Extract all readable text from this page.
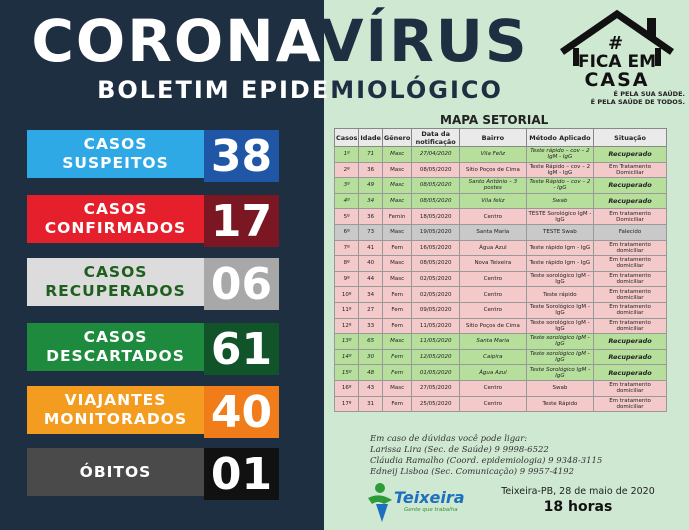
CORONAVÍRUS
BOLETIM EPIDEMIOLÓGICO
#
FICA EM
CASA
É PELA SUA SAÚDE.
É PELA SAÚDE DE TODOS.
CASOS
SUSPEITOS 38
CASOS
CONFIRMADOS 17
CASOS
RECUPERADOS 06
CASOS
DESCARTADOS 61
VIAJANTES
MONITORADOS 40
ÓBITOS 01
MAPA SETORIAL
Casos	Idade	Gênero	Data da notificação	Bairro	Método Aplicado	Situação
1º	71	Masc	27/04/2020	Vila Feliz	Teste rápido – cov – 2 IgM - IgG	Recuperado
2º	36	Masc	08/05/2020	Sítio Poços de Cima	Teste Rápido – cov – 2 IgM - IgG	Em Tratamento Domiciliar
3º	49	Masc	08/05/2020	Santo Antônio – 3 postes	Teste Rápido – cov – 2 - IgG	Recuperado
4º	34	Masc	08/05/2020	Vila feliz	Swab	Recuperado
5º	36	Femin	18/05/2020	Centro	TESTE Sorológico IgM - IgG	Em tratamento Domiciliar
6º	73	Masc	19/05/2020	Santa Maria	TESTE Swab	Falecido
7º	41	Fem	16/05/2020	Água Azul	Teste rápido Igm - IgG	Em tratamento domiciliar
8º	40	Masc	08/05/2020	Nova Teixeira	Teste rápido Igm - IgG	Em tratamento domiciliar
9º	44	Masc	02/05/2020	Centro	Teste sorológico IgM - IgG	Em tratamento domiciliar
10º	34	Fem	02/05/2020	Centro	Teste rápido	Em tratamento domiciliar
11º	27	Fem	09/05/2020	Centro	Teste Sorológico IgM - IgG	Em tratamento domiciliar
12º	33	Fem	11/05/2020	Sítio Poços de Cima	Teste sorológico IgM - IgG	Em tratamento domiciliar
13º	65	Masc	11/05/2020	Santa Maria	Teste sorológico IgM - IgG	Recuperado
14º	30	Fem	12/05/2020	Caipira	Teste sorológico IgM - IgG	Recuperado
15º	48	Fem	01/05/2020	Água Azul	Teste Sorológico IgM - IgG	Recuperado
16º	43	Masc	27/05/2020	Centro	Swab	Em tratamento domiciliar
17º	31	Fem	25/05/2020	Centro	Teste Rápido	Em tratamento domiciliar
Em caso de dúvidas você pode ligar:
Larissa Lira (Sec. de Saúde) 9 9998-6522
Cláudia Ramalho (Coord. epidemiologia) 9 9348-3115
Edneij Lisboa (Sec. Comunicação) 9 9957-4192
Teixeira
Gente que trabalha
Teixeira-PB, 28 de maio de 2020
18 horas
